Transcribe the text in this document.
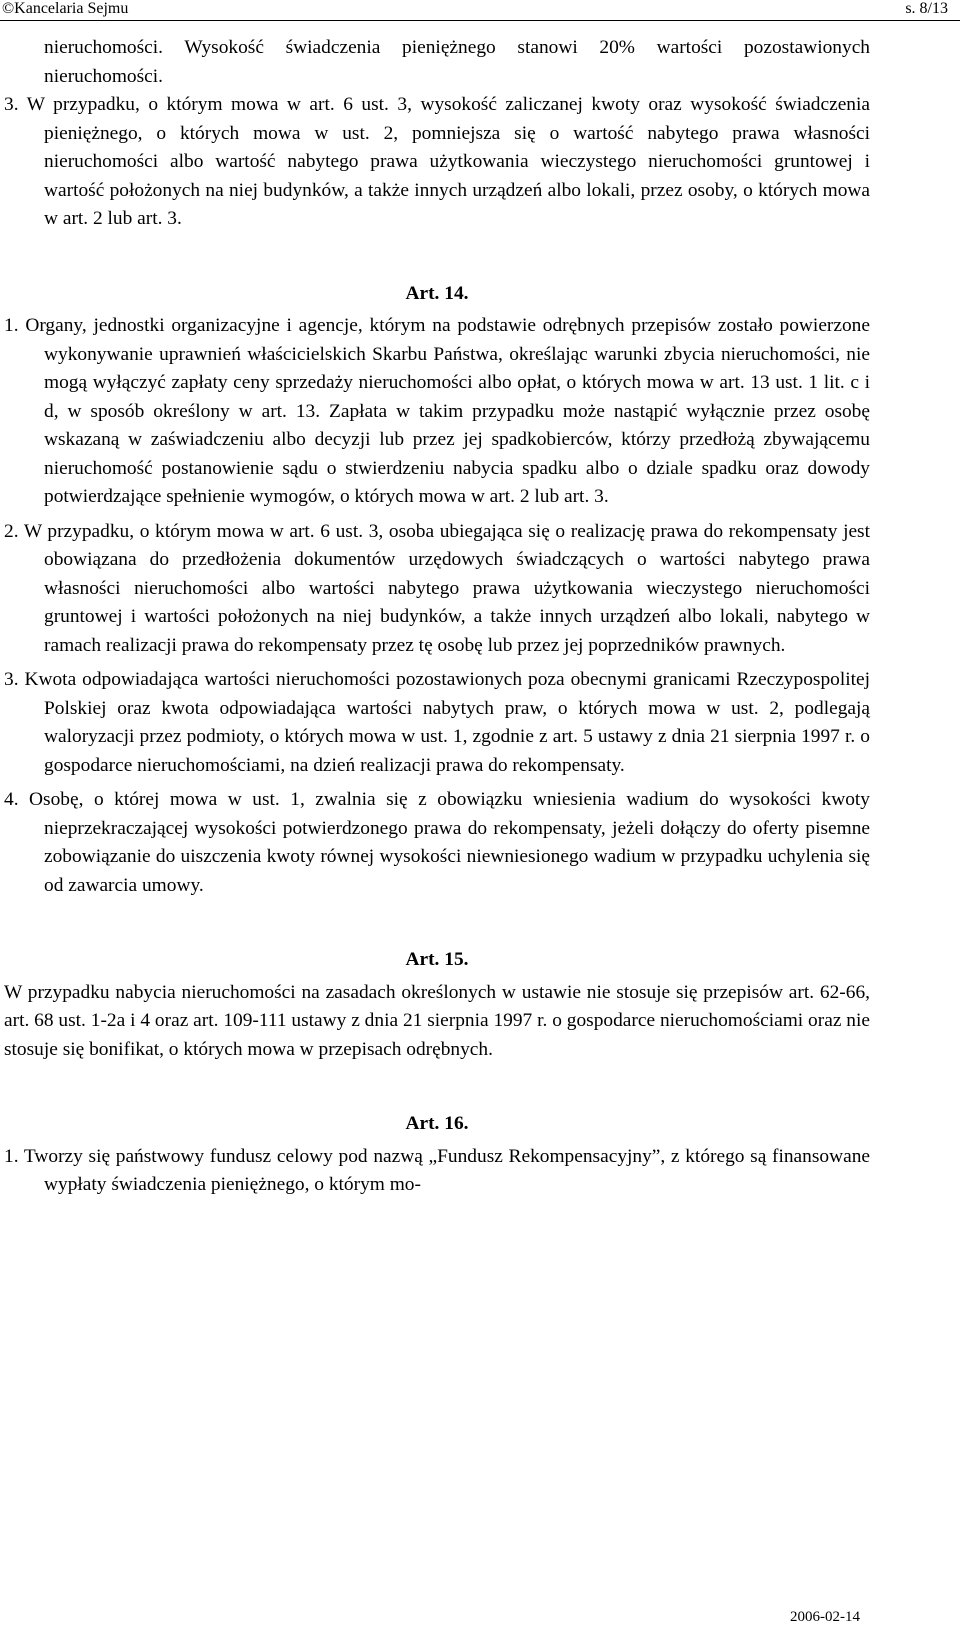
©Kancelaria Sejmu	s. 8/13

nieruchomości. Wysokość świadczenia pieniężnego stanowi 20% wartości pozostawionych nieruchomości.

3. W przypadku, o którym mowa w art. 6 ust. 3, wysokość zaliczanej kwoty oraz wysokość świadczenia pieniężnego, o których mowa w ust. 2, pomniejsza się o wartość nabytego prawa własności nieruchomości albo wartość nabytego prawa użytkowania wieczystego nieruchomości gruntowej i wartość położonych na niej budynków, a także innych urządzeń albo lokali, przez osoby, o których mowa w art. 2 lub art. 3.

Art. 14.

1. Organy, jednostki organizacyjne i agencje, którym na podstawie odrębnych przepisów zostało powierzone wykonywanie uprawnień właścicielskich Skarbu Państwa, określając warunki zbycia nieruchomości, nie mogą wyłączyć zapłaty ceny sprzedaży nieruchomości albo opłat, o których mowa w art. 13 ust. 1 lit. c i d, w sposób określony w art. 13. Zapłata w takim przypadku może nastąpić wyłącznie przez osobę wskazaną w zaświadczeniu albo decyzji lub przez jej spadkobierców, którzy przedłożą zbywającemu nieruchomość postanowienie sądu o stwierdzeniu nabycia spadku albo o dziale spadku oraz dowody potwierdzające spełnienie wymogów, o których mowa w art. 2 lub art. 3.

2. W przypadku, o którym mowa w art. 6 ust. 3, osoba ubiegająca się o realizację prawa do rekompensaty jest obowiązana do przedłożenia dokumentów urzędowych świadczących o wartości nabytego prawa własności nieruchomości albo wartości nabytego prawa użytkowania wieczystego nieruchomości gruntowej i wartości położonych na niej budynków, a także innych urządzeń albo lokali, nabytego w ramach realizacji prawa do rekompensaty przez tę osobę lub przez jej poprzedników prawnych.

3. Kwota odpowiadająca wartości nieruchomości pozostawionych poza obecnymi granicami Rzeczypospolitej Polskiej oraz kwota odpowiadająca wartości nabytych praw, o których mowa w ust. 2, podlegają waloryzacji przez podmioty, o których mowa w ust. 1, zgodnie z art. 5 ustawy z dnia 21 sierpnia 1997 r. o gospodarce nieruchomościami, na dzień realizacji prawa do rekompensaty.

4. Osobę, o której mowa w ust. 1, zwalnia się z obowiązku wniesienia wadium do wysokości kwoty nieprzekraczającej wysokości potwierdzonego prawa do rekompensaty, jeżeli dołączy do oferty pisemne zobowiązanie do uiszczenia kwoty równej wysokości niewniesionego wadium w przypadku uchylenia się od zawarcia umowy.

Art. 15.

W przypadku nabycia nieruchomości na zasadach określonych w ustawie nie stosuje się przepisów art. 62-66, art. 68 ust. 1-2a i 4 oraz art. 109-111 ustawy z dnia 21 sierpnia 1997 r. o gospodarce nieruchomościami oraz nie stosuje się bonifikat, o których mowa w przepisach odrębnych.

Art. 16.

1. Tworzy się państwowy fundusz celowy pod nazwą „Fundusz Rekompensacyjny”, z którego są finansowane wypłaty świadczenia pieniężnego, o którym mo-

2006-02-14
